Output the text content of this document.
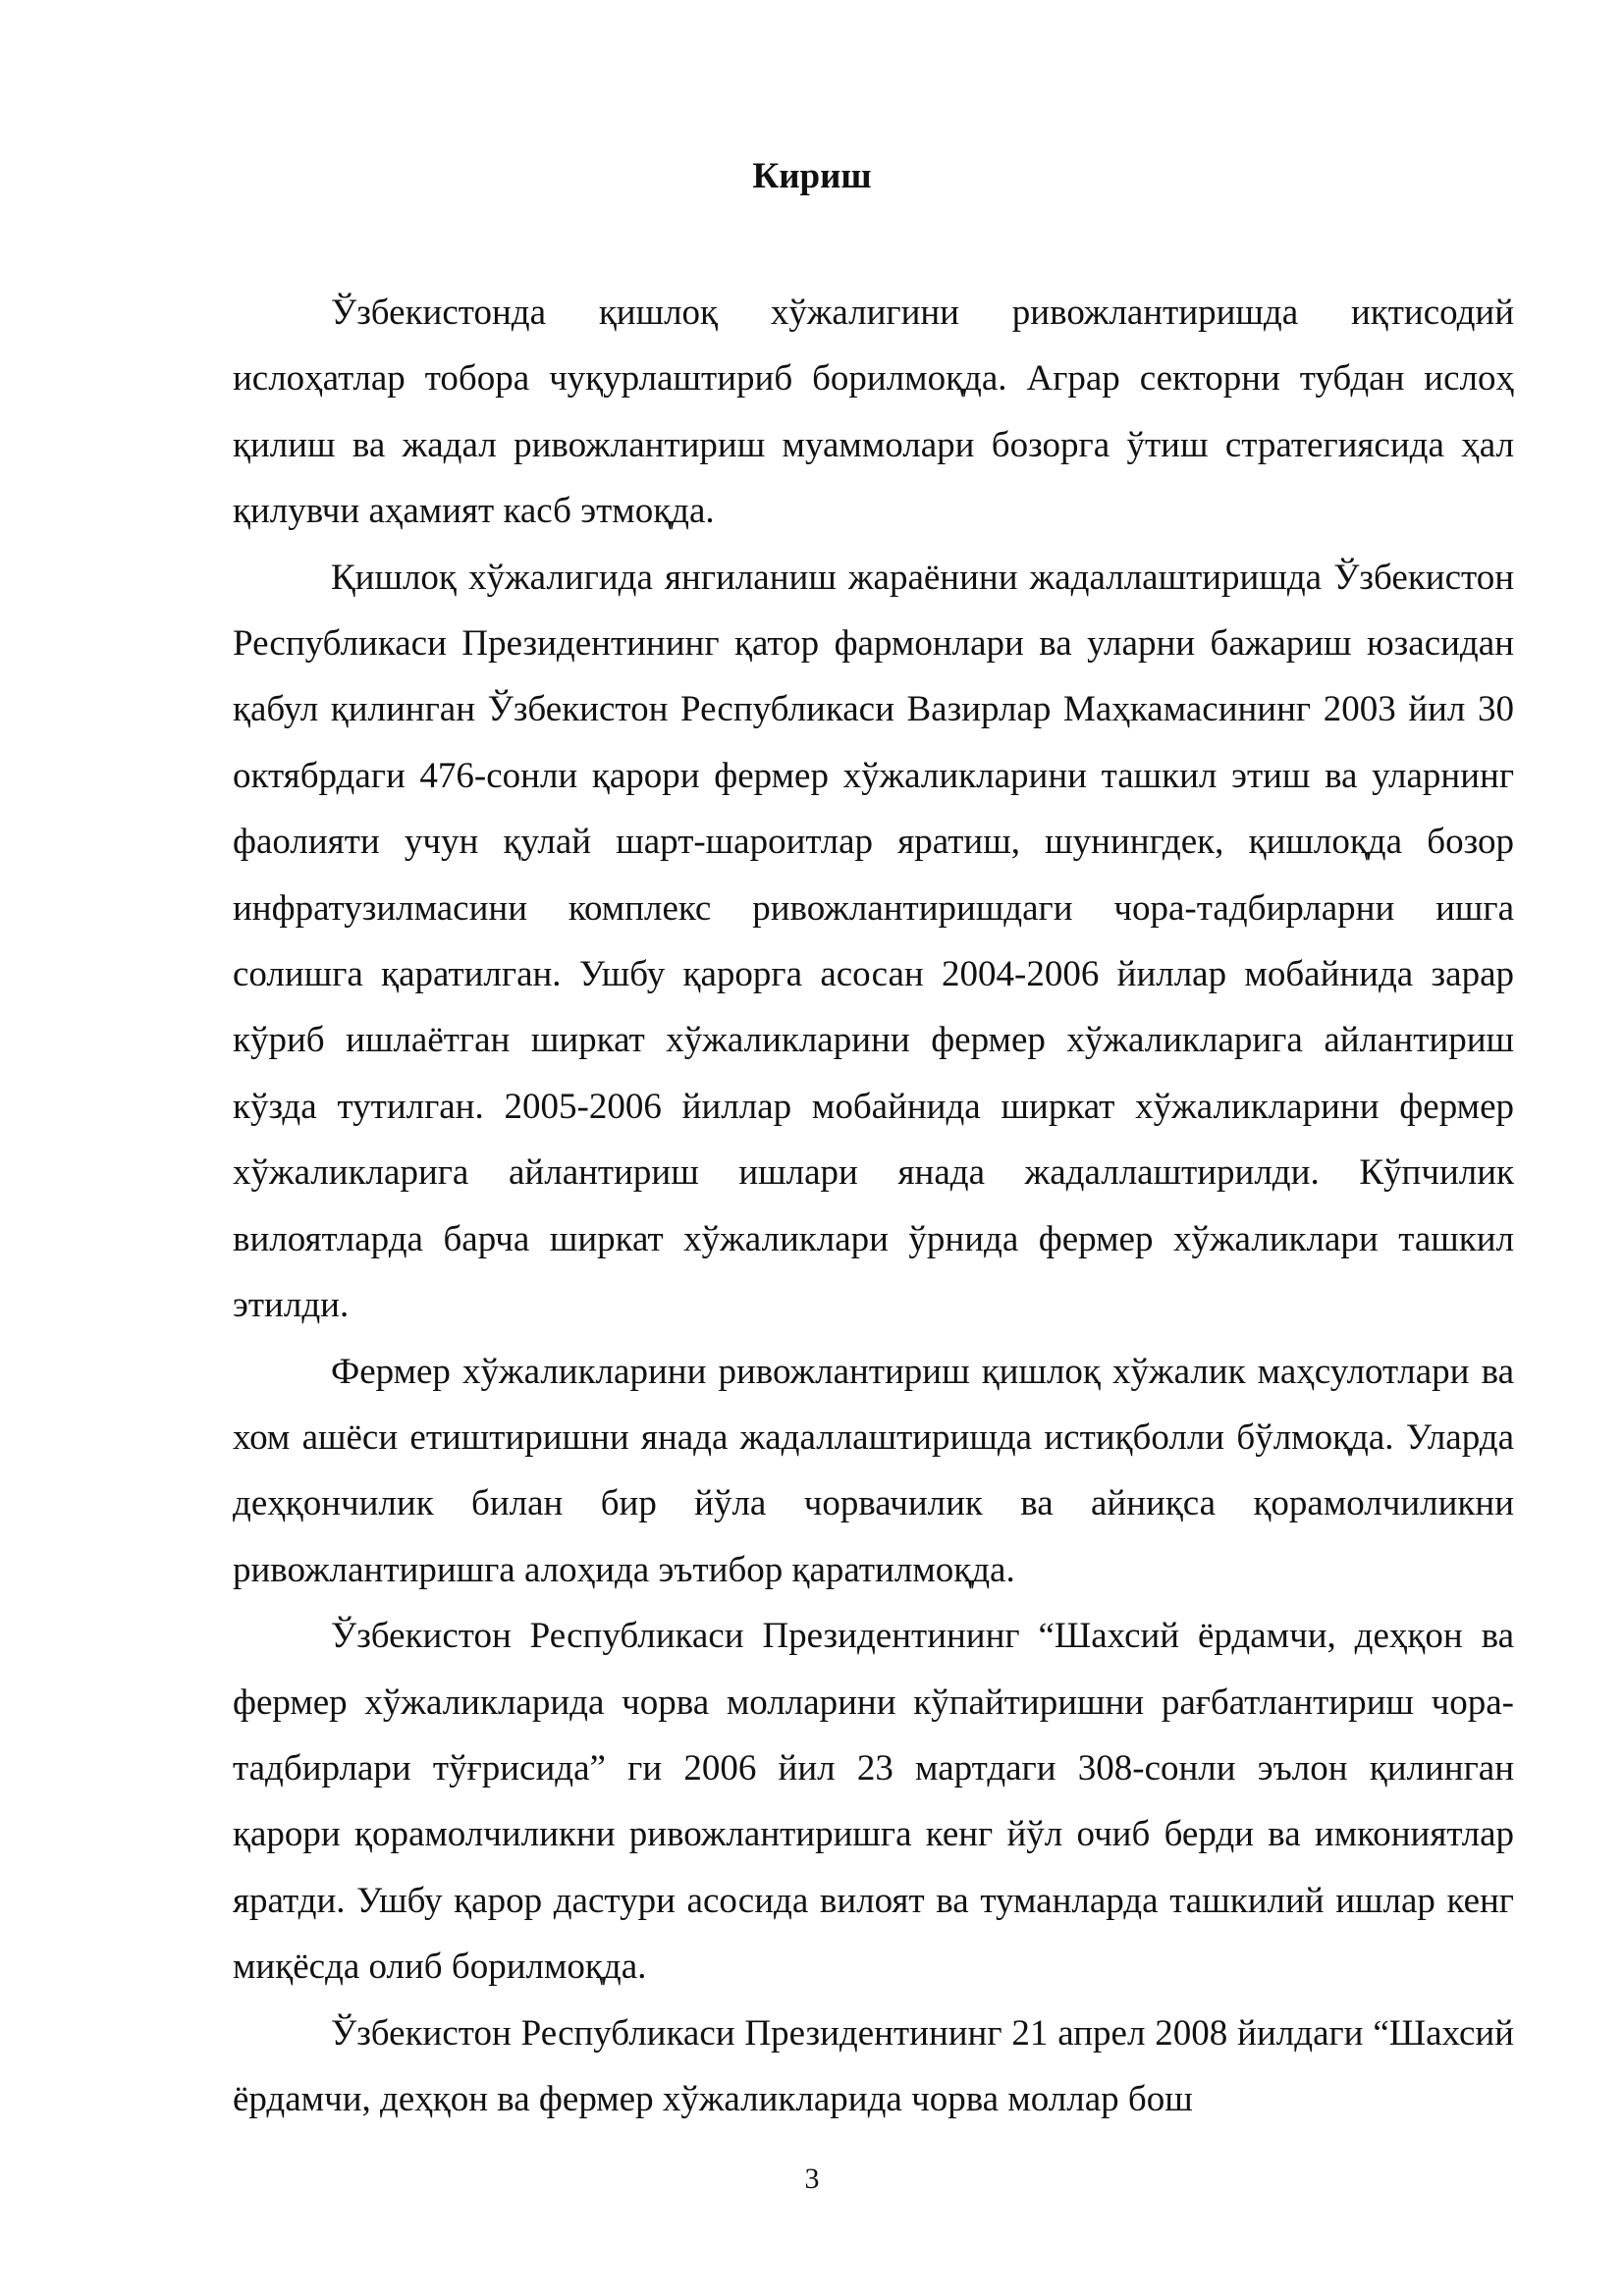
Кириш

Ўзбекистонда қишлоқ хўжалигини ривожлантиришда иқтисодий ислоҳатлар тобора чуқурлаштириб борилмоқда. Аграр секторни тубдан ислоҳ қилиш ва жадал ривожлантириш муаммолари бозорга ўтиш стратегиясида ҳал қилувчи аҳамият касб этмоқда.

Қишлоқ хўжалигида янгиланиш жараёнини жадаллаштиришда Ўзбекистон Республикаси Президентининг қатор фармонлари ва уларни бажариш юзасидан қабул қилинган Ўзбекистон Республикаси Вазирлар Маҳкамасининг 2003 йил 30 октябрдаги 476-сонли қарори фермер хўжаликларини ташкил этиш ва уларнинг фаолияти учун қулай шарт-шароитлар яратиш, шунингдек, қишлоқда бозор инфратузилмасини комплекс ривожлантиришдаги чора-тадбирларни ишга солишга қаратилган. Ушбу қарорга асосан 2004-2006 йиллар мобайнида зарар кўриб ишлаётган ширкат хўжаликларини фермер хўжаликларига айлантириш кўзда тутилган. 2005-2006 йиллар мобайнида ширкат хўжаликларини фермер хўжаликларига айлантириш ишлари янада жадаллаштирилди. Кўпчилик вилоятларда барча ширкат хўжаликлари ўрнида фермер хўжаликлари ташкил этилди.

Фермер хўжаликларини ривожлантириш қишлоқ хўжалик маҳсулотлари ва хом ашёси етиштиришни янада жадаллаштиришда истиқболли бўлмоқда. Уларда деҳқончилик билан бир йўла чорвачилик ва айниқса қорамолчиликни ривожлантиришга алоҳида эътибор қаратилмоқда.

Ўзбекистон Республикаси Президентининг “Шахсий ёрдамчи, деҳқон ва фермер хўжаликларида чорва молларини кўпайтиришни рағбатлантириш чора-тадбирлари тўғрисида” ги 2006 йил 23 мартдаги 308-сонли эълон қилинган қарори қорамолчиликни ривожлантиришга кенг йўл очиб берди ва имкониятлар яратди. Ушбу қарор дастури асосида вилоят ва туманларда ташкилий ишлар кенг миқёсда олиб борилмоқда.

Ўзбекистон Республикаси Президентининг 21 апрел 2008 йилдаги “Шахсий ёрдамчи, деҳқон ва фермер хўжаликларида чорва моллар бош

3
